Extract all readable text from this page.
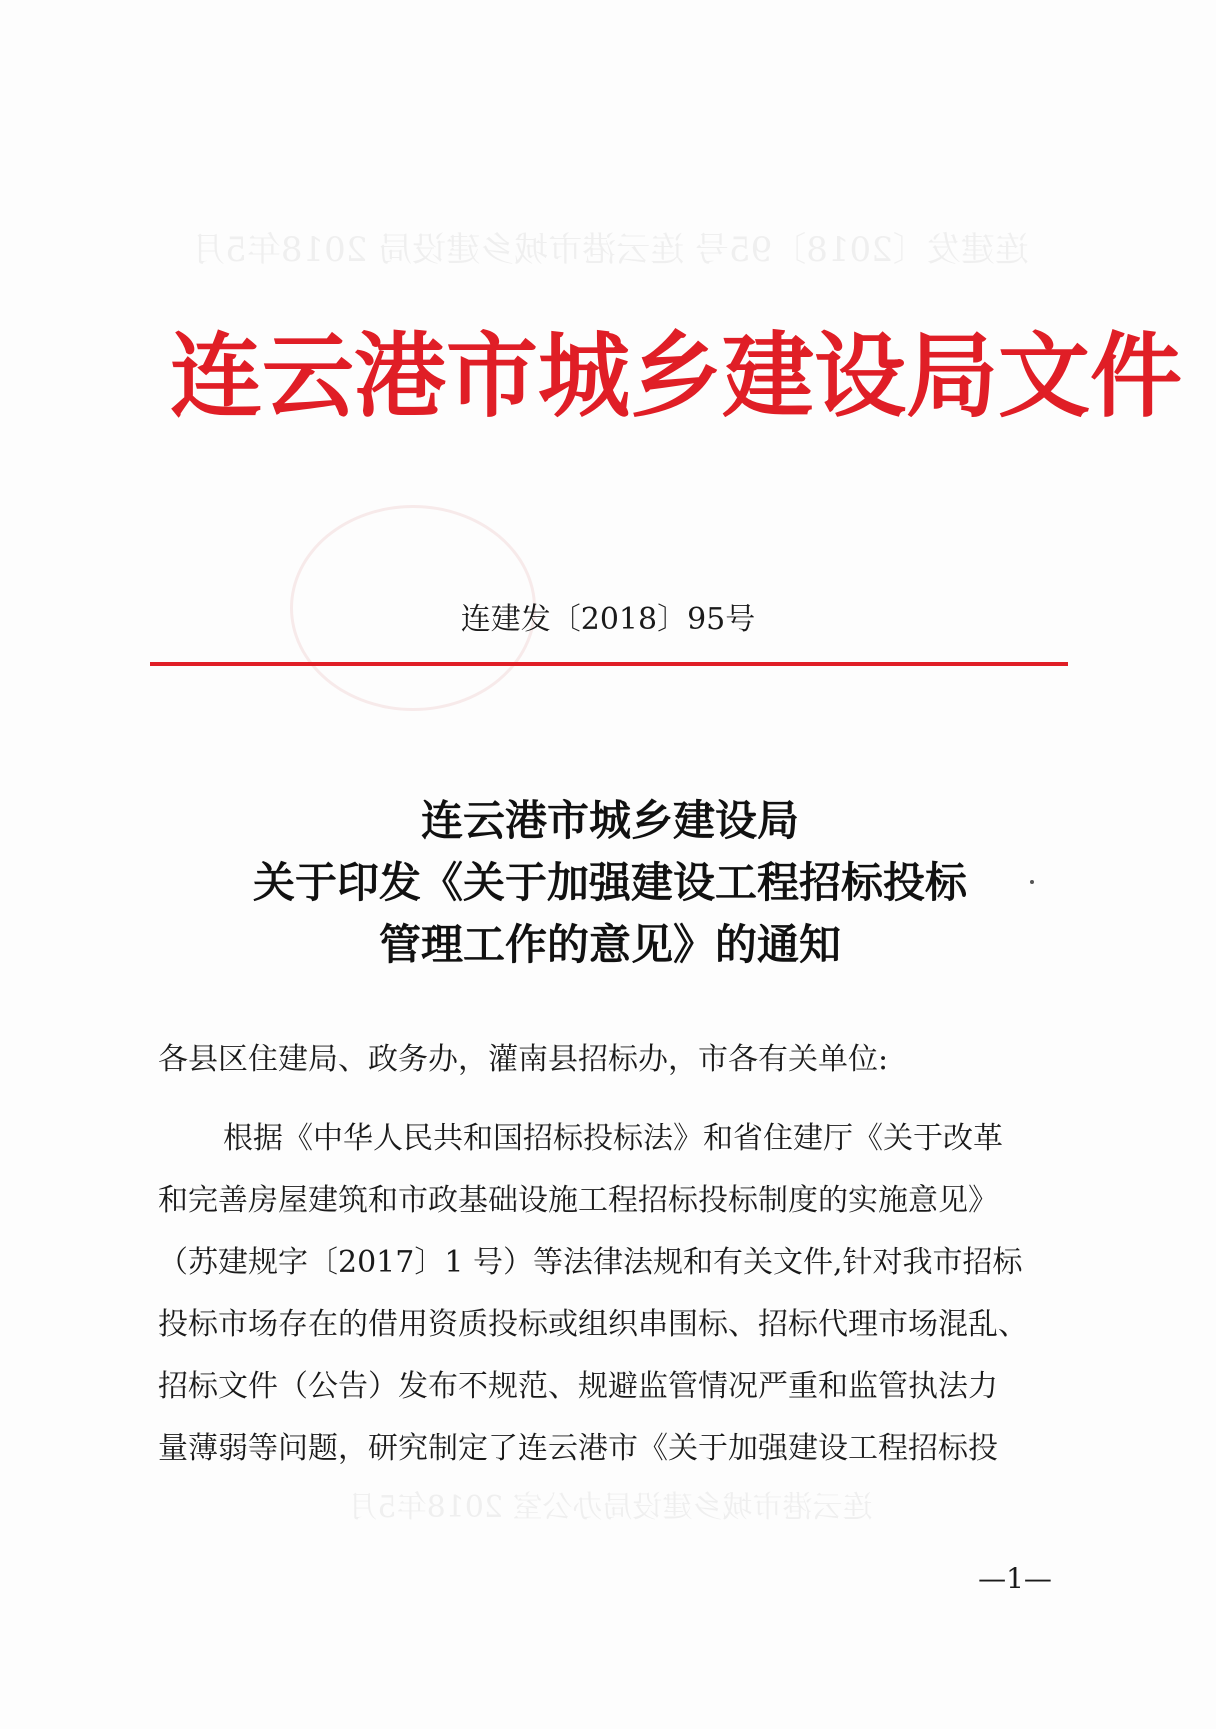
连建发〔2018〕95号 连云港市城乡建设局 2018年5月
连云港市城乡建设局文件
连建发〔2018〕95号
连云港市城乡建设局
关于印发《关于加强建设工程招标投标
管理工作的意见》的通知
各县区住建局、政务办，灌南县招标办，市各有关单位:
根据《中华人民共和国招标投标法》和省住建厅《关于改革
和完善房屋建筑和市政基础设施工程招标投标制度的实施意见》
（苏建规字〔2017〕1 号）等法律法规和有关文件,针对我市招标
投标市场存在的借用资质投标或组织串围标、招标代理市场混乱、
招标文件（公告）发布不规范、规避监管情况严重和监管执法力
量薄弱等问题，研究制定了连云港市《关于加强建设工程招标投
连云港市城乡建设局办公室 2018年5月
—1—
